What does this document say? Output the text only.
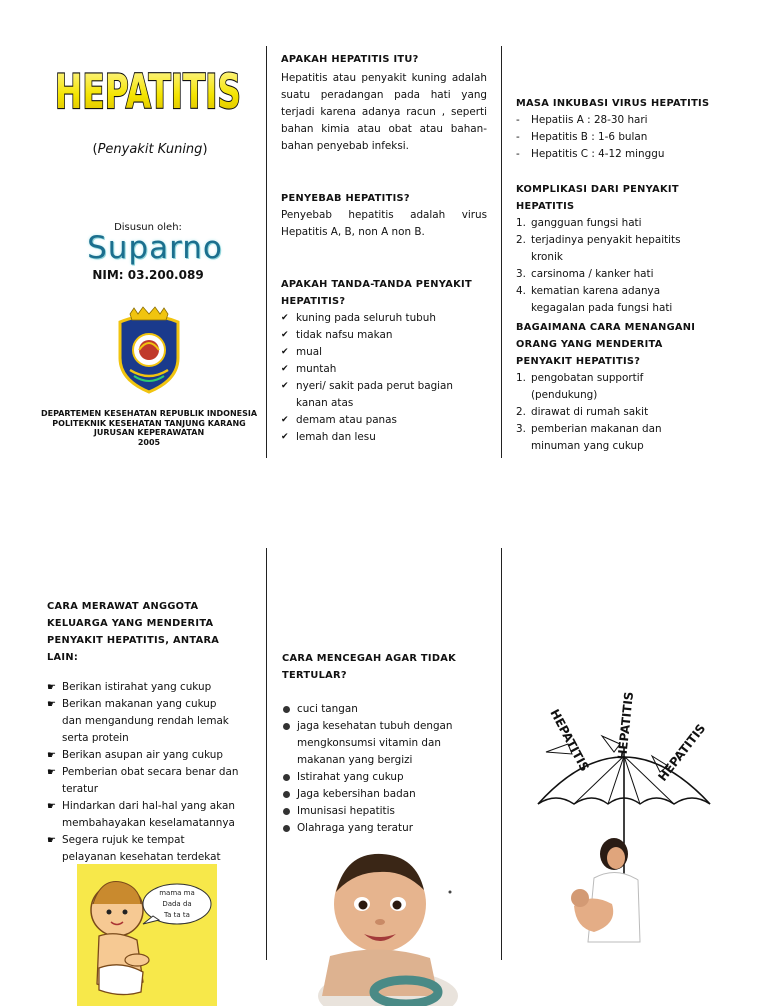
HEPATITIS
(Penyakit Kuning)
Disusun oleh:
Suparno
NIM: 03.200.089
DEPARTEMEN KESEHATAN REPUBLIK INDONESIA
POLITEKNIK KESEHATAN TANJUNG KARANG
JURUSAN KEPERAWATAN
2005
APAKAH HEPATITIS ITU?

Hepatitis atau penyakit kuning adalah suatu peradangan pada hati yang terjadi karena adanya racun , seperti bahan kimia atau obat atau bahan-bahan penyebab infeksi.

PENYEBAB HEPATITIS?

Penyebab hepatitis adalah virus Hepatitis A, B, non A non B.

APAKAH TANDA-TANDA PENYAKIT HEPATITIS?
✔ kuning pada seluruh tubuh
✔ tidak nafsu makan
✔ mual
✔ muntah
✔ nyeri/ sakit pada perut bagian kanan atas
✔ demam atau panas
✔ lemah dan lesu
MASA INKUBASI VIRUS HEPATITIS
-	Hepatiis A : 28-30 hari
-	Hepatitis B : 1-6 bulan
-	Hepatitis C : 4-12 minggu
KOMPLIKASI DARI PENYAKIT HEPATITIS
1. gangguan fungsi hati
2. terjadinya penyakit hepaitits kronik
3. carsinoma / kanker hati
4. kematian karena adanya kegagalan pada fungsi hati
BAGAIMANA CARA MENANGANI ORANG YANG MENDERITA PENYAKIT HEPATITIS?
1. pengobatan supportif (pendukung)
2. dirawat di rumah sakit
3. pemberian makanan dan minuman yang cukup
CARA MERAWAT ANGGOTA KELUARGA YANG MENDERITA PENYAKIT HEPATITIS, ANTARA LAIN:
☛ Berikan istirahat yang cukup
☛ Berikan makanan yang cukup dan mengandung rendah lemak serta protein
☛ Berikan asupan air yang cukup
☛ Pemberian obat secara benar dan teratur
☛ Hindarkan dari hal-hal yang akan membahayakan keselamatannya
☛ Segera rujuk ke tempat pelayanan kesehatan terdekat
CARA MENCEGAH AGAR TIDAK TERTULAR?
cuci tangan
jaga kesehatan tubuh dengan mengkonsumsi vitamin dan makanan yang bergizi
Istirahat yang cukup
Jaga kebersihan badan
Imunisasi hepatitis
Olahraga yang teratur
mama ma
Dada da
Ta ta ta
HEPATITIS HEPATITIS HEPATITIS
